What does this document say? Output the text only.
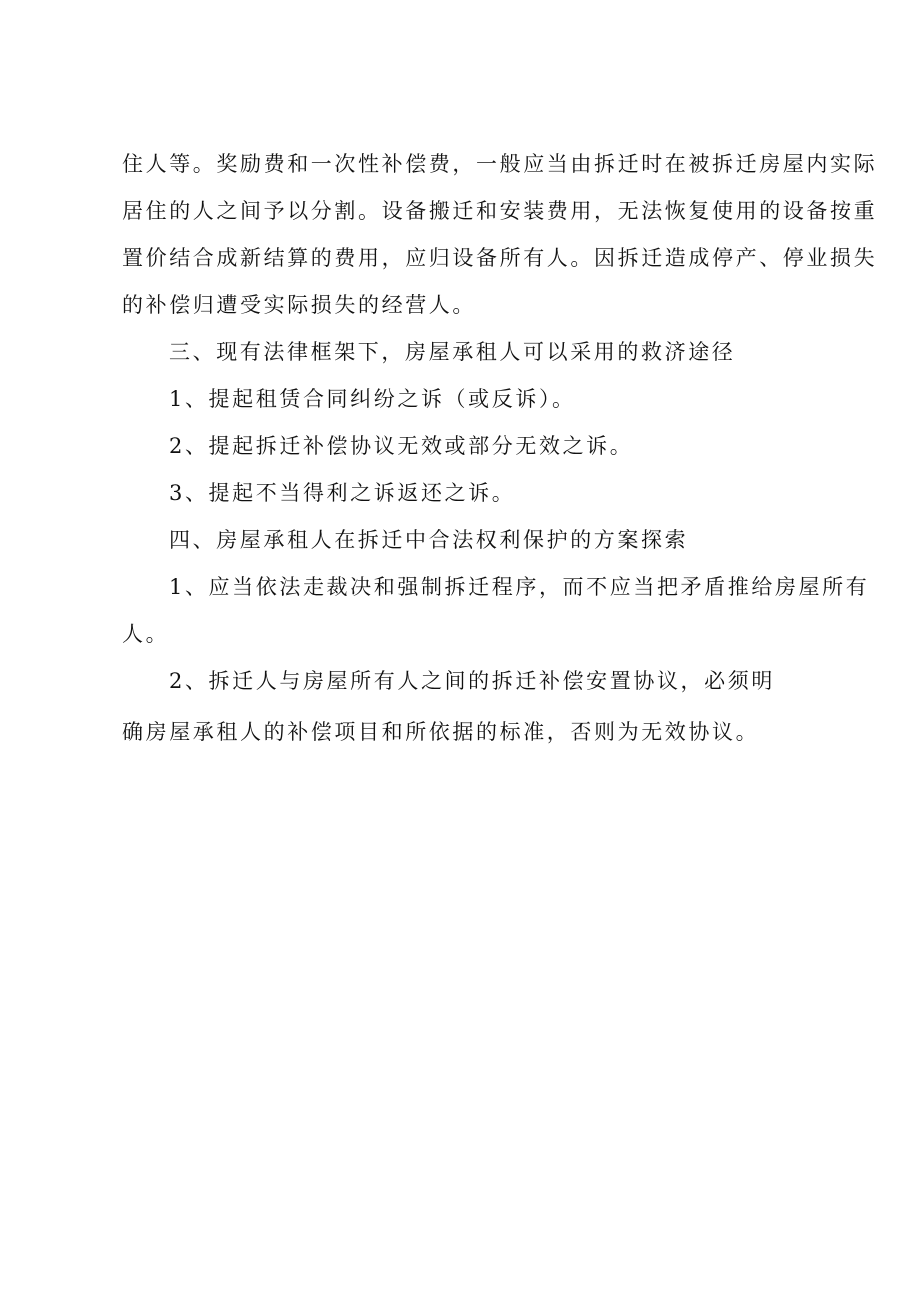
住人等。奖励费和一次性补偿费，一般应当由拆迁时在被拆迁房屋内实际
居住的人之间予以分割。设备搬迁和安装费用，无法恢复使用的设备按重
置价结合成新结算的费用，应归设备所有人。因拆迁造成停产、停业损失
的补偿归遭受实际损失的经营人。
三、现有法律框架下，房屋承租人可以采用的救济途径
1、提起租赁合同纠纷之诉（或反诉）。
2、提起拆迁补偿协议无效或部分无效之诉。
3、提起不当得利之诉返还之诉。
四、房屋承租人在拆迁中合法权利保护的方案探索
1、应当依法走裁决和强制拆迁程序，而不应当把矛盾推给房屋所有
人。
2、拆迁人与房屋所有人之间的拆迁补偿安置协议，必须明
确房屋承租人的补偿项目和所依据的标准，否则为无效协议。
